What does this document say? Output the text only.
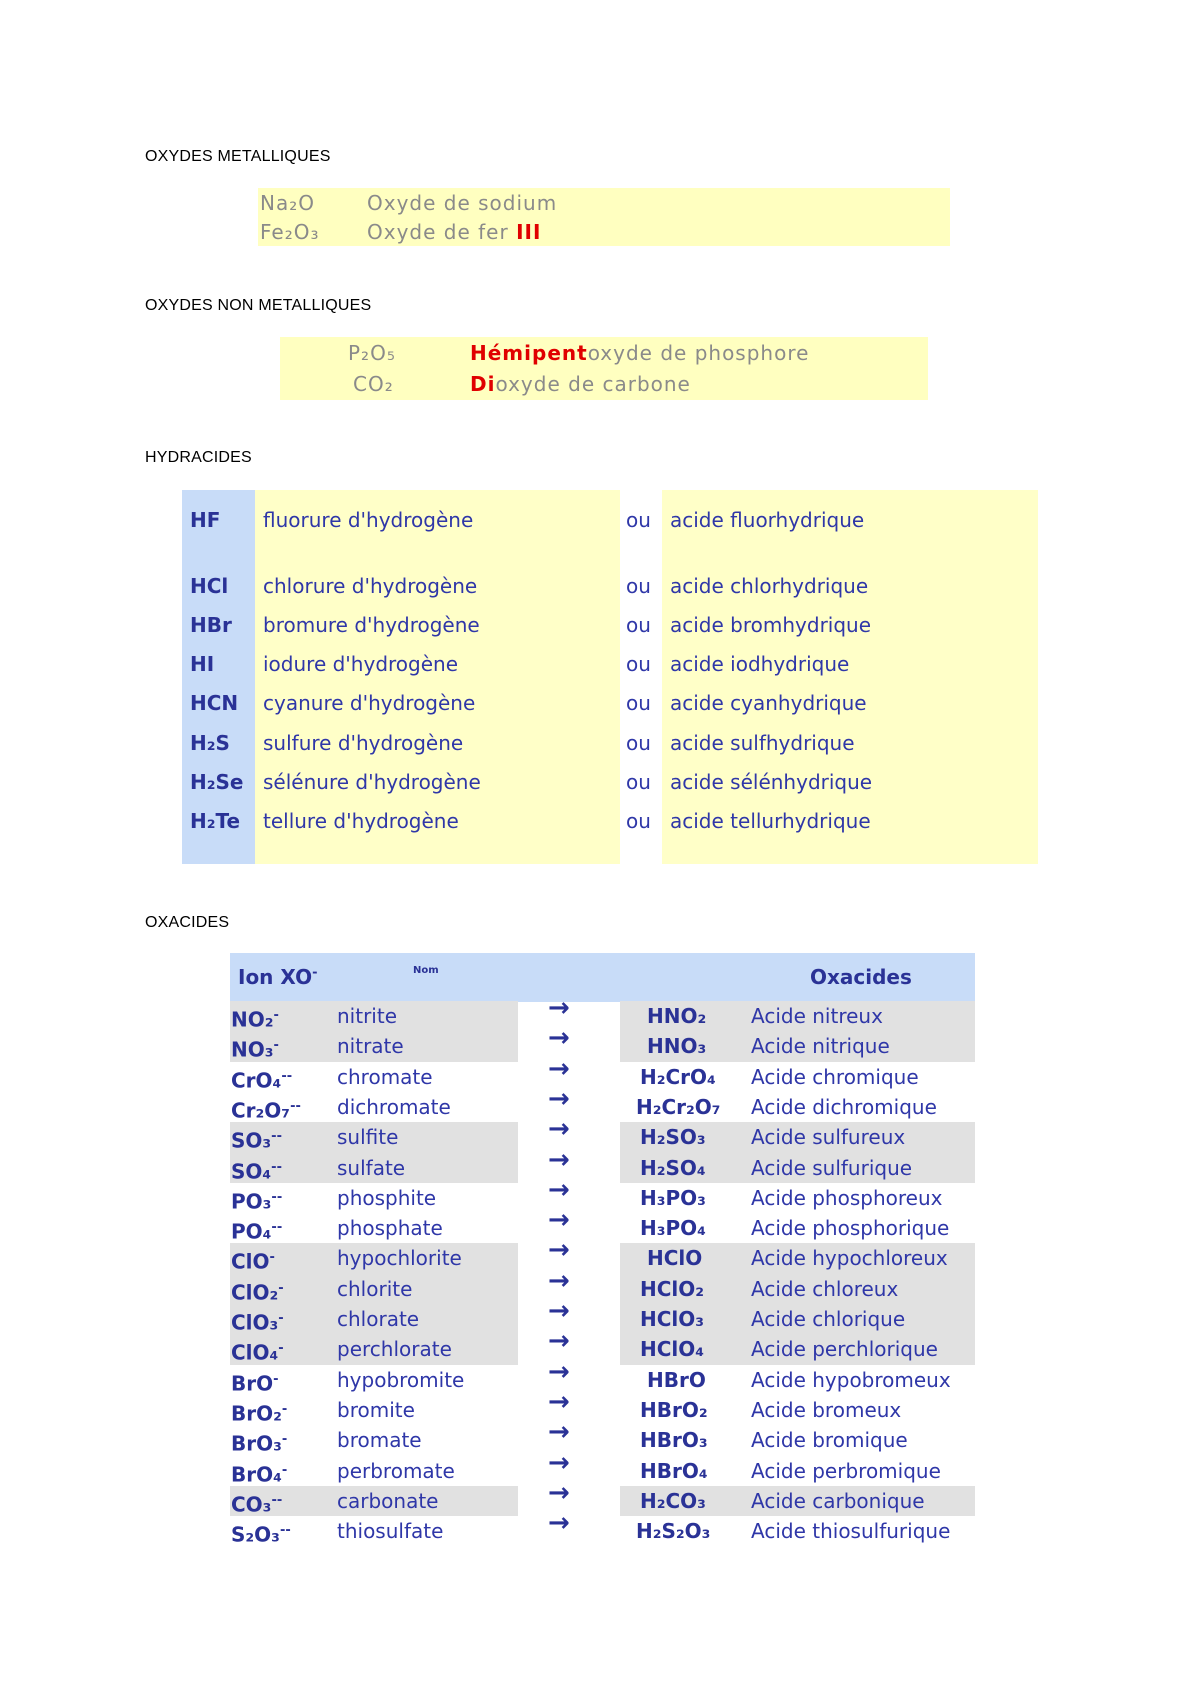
OXYDES METALLIQUES
OXYDES NON METALLIQUES
HYDRACIDES
OXACIDES
Na₂O	Oxyde de sodium
Fe₂O₃ Oxyde de fer III
P₂O₅	Hémipentoxyde de phosphore
CO₂	Dioxyde de carbone
HF fluorure d'hydrogène	ou acide fluorhydrique
HCl chlorure d'hydrogène	ou acide chlorhydrique
HBr bromure d'hydrogène	ou acide bromhydrique
HI iodure d'hydrogène	ou acide iodhydrique
HCN cyanure d'hydrogène	ou acide cyanhydrique
H₂S sulfure d'hydrogène	ou acide sulfhydrique
H₂Se sélénure d'hydrogène	ou acide sélénhydrique
H₂Te tellure d'hydrogène	ou acide tellurhydrique
Ion XO-	Nom	Oxacides
NO₂-	nitrite	→	HNO₂ Acide nitreux
NO₃-	nitrate	→	HNO₃ Acide nitrique
CrO₄-- chromate	→	H₂CrO₄ Acide chromique
Cr₂O₇-- dichromate	→	H₂Cr₂O₇ Acide dichromique
SO₃--	sulfite	→	H₂SO₃ Acide sulfureux
SO₄--	sulfate	→	H₂SO₄ Acide sulfurique
PO₃--	phosphite	→	H₃PO₃ Acide phosphoreux
PO₄--	phosphate	→	H₃PO₄ Acide phosphorique
ClO-	hypochlorite	→	HClO Acide hypochloreux
ClO₂-	chlorite	→	HClO₂ Acide chloreux
ClO₃-	chlorate	→	HClO₃ Acide chlorique
ClO₄-	perchlorate	→	HClO₄ Acide perchlorique
BrO-	hypobromite	→	HBrO Acide hypobromeux
BrO₂- bromite	→	HBrO₂ Acide bromeux
BrO₃- bromate	→	HBrO₃ Acide bromique
BrO₄- perbromate	→	HBrO₄ Acide perbromique
CO₃--	carbonate	→	H₂CO₃ Acide carbonique
S₂O₃-- thiosulfate	→	H₂S₂O₃ Acide thiosulfurique
